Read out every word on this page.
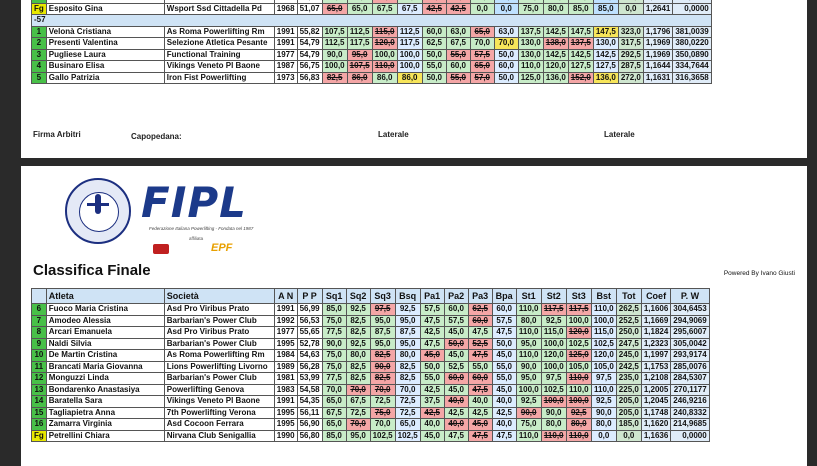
Fg	Esposito Gina	Wsport Ssd Cittadella Pd	1968	51,07	65,0	65,0	67,5	67,5	42,5	42,5	0,0	0,0	75,0	80,0	85,0	85,0	0,0	1,2641	0,0000
-57																			
1	Velonà Cristiana	As Roma Powerlifting Rm	1991	55,82	107,5	112,5	115,0	112,5	60,0	63,0	65,0	63,0	137,5	142,5	147,5	147,5	323,0	1,1796	381,0039
2	Presenti Valentina	Selezione Atletica Pesante	1991	54,79	112,5	117,5	120,0	117,5	62,5	67,5	70,0	70,0	130,0	138,0	137,5	130,0	317,5	1,1969	380,0220
3	Pugliese Laura	Functional Training	1977	54,79	90,0	95,0	100,0	100,0	50,0	55,0	57,5	50,0	130,0	142,5	142,5	142,5	292,5	1,1969	350,0890
4	Businaro Elisa	Vikings Veneto Pl Baone	1987	56,75	100,0	107,5	110,0	100,0	55,0	60,0	65,0	60,0	110,0	120,0	127,5	127,5	287,5	1,1644	334,7644
5	Gallo Patrizia	Iron Fist Powerlifting	1973	56,83	82,5	86,0	86,0	86,0	50,0	55,0	57,0	50,0	125,0	136,0	152,0	136,0	272,0	1,1631	316,3658
Firma Arbitri	Capopedana:	Laterale	Laterale
FIPL
Federazione Italiana Powerlifting - Fondata nel 1987
affiliata
EPF
Classifica Finale	Powered By Ivano Giusti
	Atleta	Società	A N	P P	Sq1	Sq2	Sq3	Bsq	Pa1	Pa2	Pa3	Bpa	St1	St2	St3	Bst	Tot	Coef	P. W
6	Fuoco Maria Cristina	Asd Pro Viribus Prato	1991	56,99	85,0	92,5	97,5	92,5	57,5	60,0	62,5	60,0	110,0	117,5	117,5	110,0	262,5	1,1606	304,6453
7	Amodeo Alessia	Barbarian's Power Club	1992	56,53	75,0	82,5	95,0	95,0	47,5	57,5	60,0	57,5	80,0	92,5	100,0	100,0	252,5	1,1669	294,9069
8	Arcari Emanuela	Asd Pro Viribus Prato	1977	55,65	77,5	82,5	87,5	87,5	42,5	45,0	47,5	47,5	110,0	115,0	120,0	115,0	250,0	1,1824	295,6007
9	Naldi Silvia	Barbarian's Power Club	1995	52,78	90,0	92,5	95,0	95,0	47,5	50,0	52,5	50,0	95,0	100,0	102,5	102,5	247,5	1,2323	305,0042
10	De Martin Cristina	As Roma Powerlifting Rm	1984	54,63	75,0	80,0	82,5	80,0	45,0	45,0	47,5	45,0	110,0	120,0	125,0	120,0	245,0	1,1997	293,9174
11	Brancati Maria Giovanna	Lions Powerlifting Livorno	1989	56,28	75,0	82,5	90,0	82,5	50,0	52,5	55,0	55,0	90,0	100,0	105,0	105,0	242,5	1,1753	285,0076
12	Monguzzi Linda	Barbarian's Power Club	1981	53,99	77,5	82,5	82,5	82,5	55,0	60,0	60,0	55,0	95,0	97,5	110,0	97,5	235,0	1,2108	284,5307
13	Bondarenko Anastasiya	Powerlifting Genova	1983	54,58	70,0	70,0	70,0	70,0	42,5	45,0	47,5	45,0	100,0	102,5	110,0	110,0	225,0	1,2005	270,1177
14	Baratella Sara	Vikings Veneto Pl Baone	1991	54,35	65,0	67,5	72,5	72,5	37,5	40,0	40,0	40,0	92,5	100,0	100,0	92,5	205,0	1,2045	246,9216
15	Tagliapietra Anna	7th Powerlifting Verona	1995	56,11	67,5	72,5	75,0	72,5	42,5	42,5	42,5	42,5	90,0	90,0	92,5	90,0	205,0	1,1748	240,8332
16	Zamarra Virginia	Asd Cocoon Ferrara	1995	56,90	65,0	70,0	70,0	65,0	40,0	40,0	45,0	40,0	75,0	80,0	80,0	80,0	185,0	1,1620	214,9685
Fg	Petrellini Chiara	Nirvana Club Senigallia	1990	56,80	85,0	95,0	102,5	102,5	45,0	47,5	47,5	47,5	110,0	110,0	110,0	0,0	0,0	1,1636	0,0000
